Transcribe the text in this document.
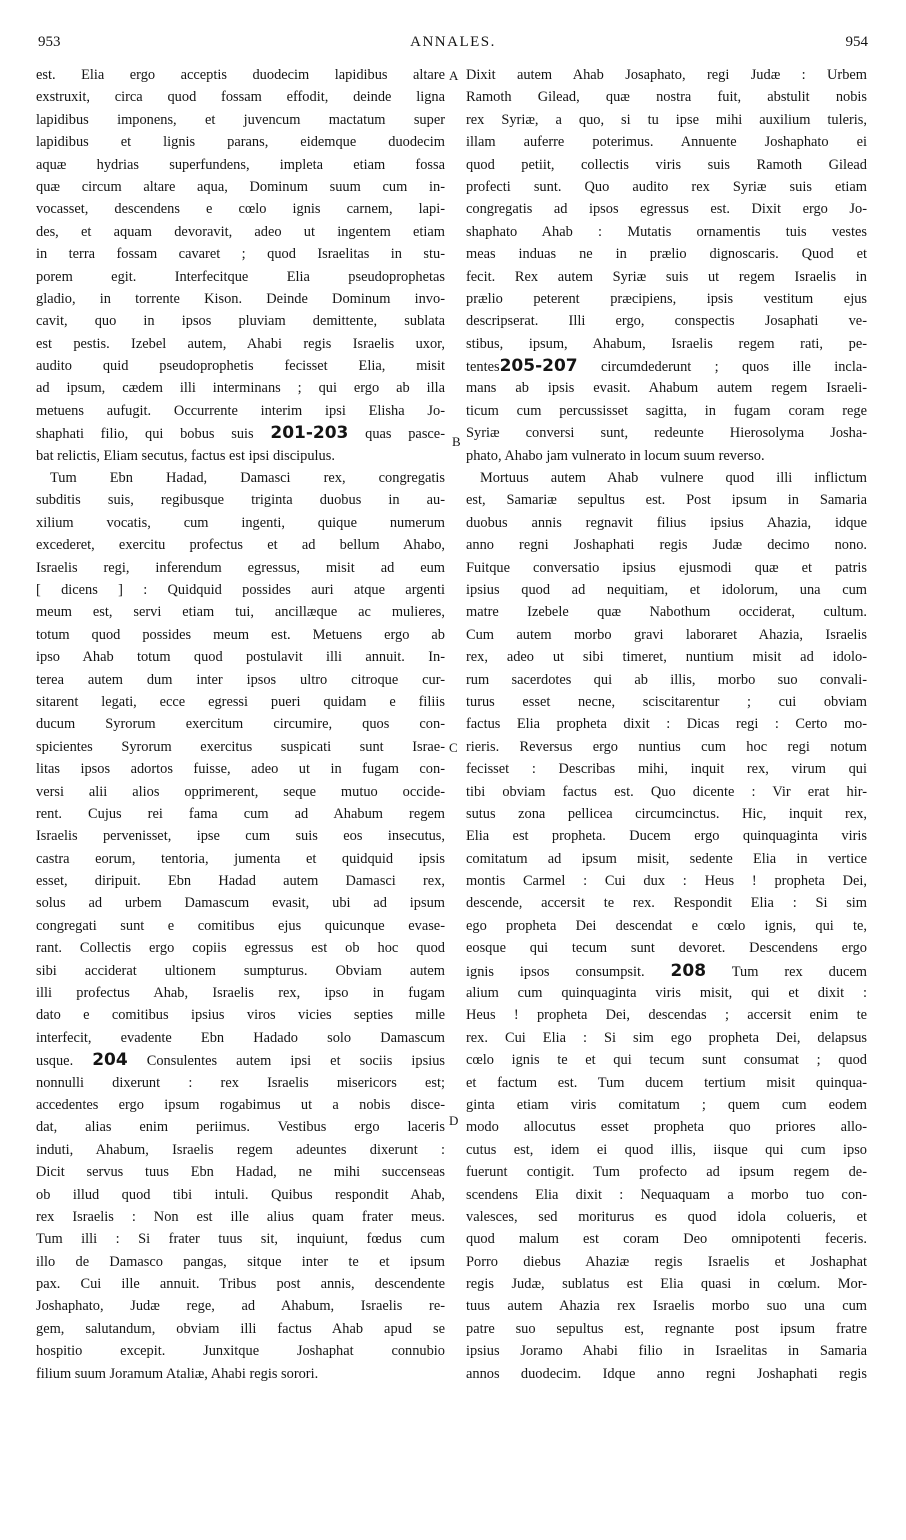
953	ANNALES.	954
A
B
C
D
est. Elia ergo acceptis duodecim lapidibus altare
exstruxit, circa quod fossam effodit, deinde ligna
lapidibus imponens, et juvencum mactatum super
lapidibus et lignis parans, eidemque duodecim
aquæ hydrias superfundens, impleta etiam fossa
quæ circum altare aqua, Dominum suum cum in-
vocasset, descendens e cœlo ignis carnem, lapi-
des, et aquam devoravit, adeo ut ingentem etiam
in terra fossam cavaret ; quod Israelitas in stu-
porem egit. Interfecitque Elia pseudoprophetas
gladio, in torrente Kison. Deinde Dominum invo-
cavit, quo in ipsos pluviam demittente, sublata
est pestis. Izebel autem, Ahabi regis Israelis uxor,
audito quid pseudoprophetis fecisset Elia, misit
ad ipsum, cædem illi interminans ; qui ergo ab illa
metuens aufugit. Occurrente interim ipsi Elisha Jo-
shaphati filio, qui bobus suis 201-203 quas pasce-
bat relictis, Eliam secutus, factus est ipsi discipulus.
Tum Ebn Hadad, Damasci rex, congregatis
subditis suis, regibusque triginta duobus in au-
xilium vocatis, cum ingenti, quique numerum
excederet, exercitu profectus et ad bellum Ahabo,
Israelis regi, inferendum egressus, misit ad eum
[ dicens ] : Quidquid possides auri atque argenti
meum est, servi etiam tui, ancillæque ac mulieres,
totum quod possides meum est. Metuens ergo ab
ipso Ahab totum quod postulavit illi annuit. In-
terea autem dum inter ipsos ultro citroque cur-
sitarent legati, ecce egressi pueri quidam e filiis
ducum Syrorum exercitum circumire, quos con-
spicientes Syrorum exercitus suspicati sunt Israe-
litas ipsos adortos fuisse, adeo ut in fugam con-
versi alii alios opprimerent, seque mutuo occide-
rent. Cujus rei fama cum ad Ahabum regem
Israelis pervenisset, ipse cum suis eos insecutus,
castra eorum, tentoria, jumenta et quidquid ipsis
esset, diripuit. Ebn Hadad autem Damasci rex,
solus ad urbem Damascum evasit, ubi ad ipsum
congregati sunt e comitibus ejus quicunque evase-
rant. Collectis ergo copiis egressus est ob hoc quod
sibi acciderat ultionem sumpturus. Obviam autem
illi profectus Ahab, Israelis rex, ipso in fugam
dato e comitibus ipsius viros vicies septies mille
interfecit, evadente Ebn Hadado solo Damascum
usque. 204 Consulentes autem ipsi et sociis ipsius
nonnulli dixerunt : rex Israelis misericors est;
accedentes ergo ipsum rogabimus ut a nobis disce-
dat, alias enim periimus. Vestibus ergo laceris
induti, Ahabum, Israelis regem adeuntes dixerunt :
Dicit servus tuus Ebn Hadad, ne mihi succenseas
ob illud quod tibi intuli. Quibus respondit Ahab,
rex Israelis : Non est ille alius quam frater meus.
Tum illi : Si frater tuus sit, inquiunt, fœdus cum
illo de Damasco pangas, sitque inter te et ipsum
pax. Cui ille annuit. Tribus post annis, descendente
Joshaphato, Judæ rege, ad Ahabum, Israelis re-
gem, salutandum, obviam illi factus Ahab apud se
hospitio excepit. Junxitque Joshaphat connubio
filium suum Joramum Ataliæ, Ahabi regis sorori.
Dixit autem Ahab Josaphato, regi Judæ : Urbem
Ramoth Gilead, quæ nostra fuit, abstulit nobis
rex Syriæ, a quo, si tu ipse mihi auxilium tuleris,
illam auferre poterimus. Annuente Joshaphato ei
quod petiit, collectis viris suis Ramoth Gilead
profecti sunt. Quo audito rex Syriæ suis etiam
congregatis ad ipsos egressus est. Dixit ergo Jo-
shaphato Ahab : Mutatis ornamentis tuis vestes
meas induas ne in prælio dignoscaris. Quod et
fecit. Rex autem Syriæ suis ut regem Israelis in
prælio peterent præcipiens, ipsis vestitum ejus
descripserat. Illi ergo, conspectis Josaphati ve-
stibus, ipsum, Ahabum, Israelis regem rati, pe-
tentes205-207 circumdederunt ; quos ille incla-
mans ab ipsis evasit. Ahabum autem regem Israeli-
ticum cum percussisset sagitta, in fugam coram rege
Syriæ conversi sunt, redeunte Hierosolyma Josha-
phato, Ahabo jam vulnerato in locum suum reverso.
Mortuus autem Ahab vulnere quod illi inflictum
est, Samariæ sepultus est. Post ipsum in Samaria
duobus annis regnavit filius ipsius Ahazia, idque
anno regni Joshaphati regis Judæ decimo nono.
Fuitque conversatio ipsius ejusmodi quæ et patris
ipsius quod ad nequitiam, et idolorum, una cum
matre Izebele quæ Nabothum occiderat, cultum.
Cum autem morbo gravi laboraret Ahazia, Israelis
rex, adeo ut sibi timeret, nuntium misit ad idolo-
rum sacerdotes qui ab illis, morbo suo convali-
turus esset necne, sciscitarentur ; cui obviam
factus Elia propheta dixit : Dicas regi : Certo mo-
rieris. Reversus ergo nuntius cum hoc regi notum
fecisset : Describas mihi, inquit rex, virum qui
tibi obviam factus est. Quo dicente : Vir erat hir-
sutus zona pellicea circumcinctus. Hic, inquit rex,
Elia est propheta. Ducem ergo quinquaginta viris
comitatum ad ipsum misit, sedente Elia in vertice
montis Carmel : Cui dux : Heus ! propheta Dei,
descende, accersit te rex. Respondit Elia : Si sim
ego propheta Dei descendat e cœlo ignis, qui te,
eosque qui tecum sunt devoret. Descendens ergo
ignis ipsos consumpsit. 208 Tum rex ducem
alium cum quinquaginta viris misit, qui et dixit :
Heus ! propheta Dei, descendas ; accersit enim te
rex. Cui Elia : Si sim ego propheta Dei, delapsus
cœlo ignis te et qui tecum sunt consumat ; quod
et factum est. Tum ducem tertium misit quinqua-
ginta etiam viris comitatum ; quem cum eodem
modo allocutus esset propheta quo priores allo-
cutus est, idem ei quod illis, iisque qui cum ipso
fuerunt contigit. Tum profecto ad ipsum regem de-
scendens Elia dixit : Nequaquam a morbo tuo con-
valesces, sed moriturus es quod idola colueris, et
quod malum est coram Deo omnipotenti feceris.
Porro diebus Ahaziæ regis Israelis et Joshaphat
regis Judæ, sublatus est Elia quasi in cœlum. Mor-
tuus autem Ahazia rex Israelis morbo suo una cum
patre suo sepultus est, regnante post ipsum fratre
ipsius Joramo Ahabi filio in Israelitas in Samaria
annos duodecim. Idque anno regni Joshaphati regis
